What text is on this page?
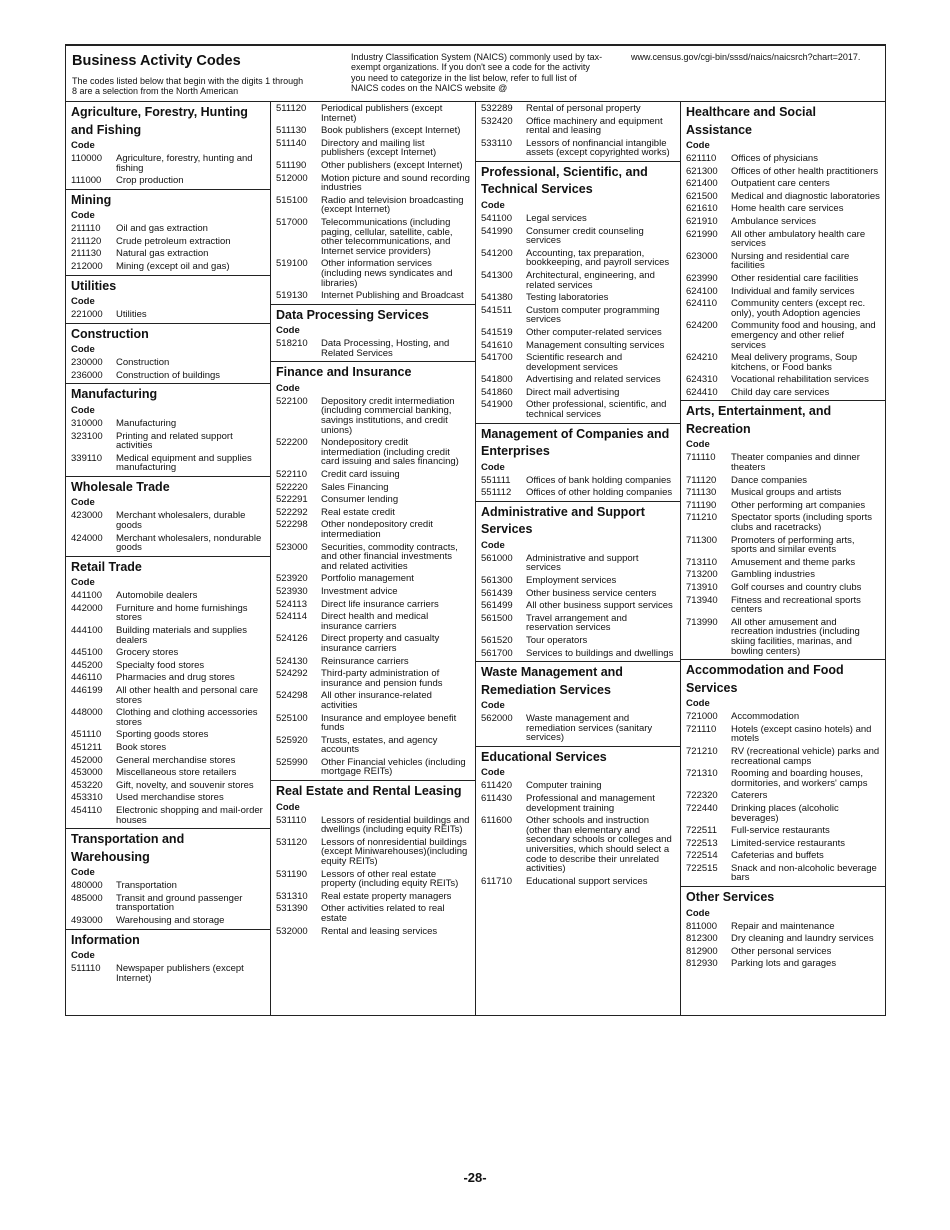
Business Activity Codes
The codes listed below that begin with the digits 1 through 8 are a selection from the North American
Industry Classification System (NAICS) commonly used by tax-exempt organizations. If you don't see a code for the activity you need to categorize in the list below, refer to full list of NAICS codes on the NAICS website @
www.census.gov/cgi-bin/sssd/naics/naicsrch?chart=2017.
Agriculture, Forestry, Hunting and Fishing
Code
110000	Agriculture, forestry, hunting and fishing
111000	Crop production
Mining
Code
211110	Oil and gas extraction
211120	Crude petroleum extraction
211130	Natural gas extraction
212000	Mining (except oil and gas)
Utilities
Code
221000	Utilities
Construction
Code
230000	Construction
236000	Construction of buildings
Manufacturing
Code
310000	Manufacturing
323100	Printing and related support activities
339110	Medical equipment and supplies manufacturing
Wholesale Trade
Code
423000	Merchant wholesalers, durable goods
424000	Merchant wholesalers, nondurable goods
Retail Trade
Code
441100	Automobile dealers
442000	Furniture and home furnishings stores
444100	Building materials and supplies dealers
445100	Grocery stores
445200	Specialty food stores
446110	Pharmacies and drug stores
446199	All other health and personal care stores
448000	Clothing and clothing accessories stores
451110	Sporting goods stores
451211	Book stores
452000	General merchandise stores
453000	Miscellaneous store retailers
453220	Gift, novelty, and souvenir stores
453310	Used merchandise stores
454110	Electronic shopping and mail-order houses
Transportation and Warehousing
Code
480000	Transportation
485000	Transit and ground passenger transportation
493000	Warehousing and storage
Information
Code
511110	Newspaper publishers (except Internet)
511120	Periodical publishers (except Internet)
511130	Book publishers (except Internet)
511140	Directory and mailing list publishers (except Internet)
511190	Other publishers (except Internet)
512000	Motion picture and sound recording industries
515100	Radio and television broadcasting (except Internet)
517000	Telecommunications (including paging, cellular, satellite, cable, other telecommunications, and Internet service providers)
519100	Other information services (including news syndicates and libraries)
519130	Internet Publishing and Broadcast
Data Processing Services
Code
518210	Data Processing, Hosting, and Related Services
Finance and Insurance
Code
522100	Depository credit intermediation (including commercial banking, savings institutions, and credit unions)
522200	Nondepository credit intermediation (including credit card issuing and sales financing)
522110	Credit card issuing
522220	Sales Financing
522291	Consumer lending
522292	Real estate credit
522298	Other nondepository credit intermediation
523000	Securities, commodity contracts, and other financial investments and related activities
523920	Portfolio management
523930	Investment advice
524113	Direct life insurance carriers
524114	Direct health and medical insurance carriers
524126	Direct property and casualty insurance carriers
524130	Reinsurance carriers
524292	Third-party administration of insurance and pension funds
524298	All other insurance-related activities
525100	Insurance and employee benefit funds
525920	Trusts, estates, and agency accounts
525990	Other Financial vehicles (including mortgage REITs)
Real Estate and Rental Leasing
Code
531110	Lessors of residential buildings and dwellings (including equity REITs)
531120	Lessors of nonresidential buildings (except Miniwarehouses)(including equity REITs)
531190	Lessors of other real estate property (including equity REITs)
531310	Real estate property managers
531390	Other activities related to real estate
532000	Rental and leasing services
532289	Rental of personal property
532420	Office machinery and equipment rental and leasing
533110	Lessors of nonfinancial intangible assets (except copyrighted works)
Professional, Scientific, and Technical Services
Code
541100	Legal services
541990	Consumer credit counseling services
541200	Accounting, tax preparation, bookkeeping, and payroll services
541300	Architectural, engineering, and related services
541380	Testing laboratories
541511	Custom computer programming services
541519	Other computer-related services
541610	Management consulting services
541700	Scientific research and development services
541800	Advertising and related services
541860	Direct mail advertising
541900	Other professional, scientific, and technical services
Management of Companies and Enterprises
Code
551111	Offices of bank holding companies
551112	Offices of other holding companies
Administrative and Support Services
Code
561000	Administrative and support services
561300	Employment services
561439	Other business service centers
561499	All other business support services
561500	Travel arrangement and reservation services
561520	Tour operators
561700	Services to buildings and dwellings
Waste Management and Remediation Services
Code
562000	Waste management and remediation services (sanitary services)
Educational Services
Code
611420	Computer training
611430	Professional and management development training
611600	Other schools and instruction (other than elementary and secondary schools or colleges and universities, which should select a code to describe their unrelated activities)
611710	Educational support services
Healthcare and Social Assistance
Code
621110	Offices of physicians
621300	Offices of other health practitioners
621400	Outpatient care centers
621500	Medical and diagnostic laboratories
621610	Home health care services
621910	Ambulance services
621990	All other ambulatory health care services
623000	Nursing and residential care facilities
623990	Other residential care facilities
624100	Individual and family services
624110	Community centers (except rec. only), youth Adoption agencies
624200	Community food and housing, and emergency and other relief services
624210	Meal delivery programs, Soup kitchens, or Food banks
624310	Vocational rehabilitation services
624410	Child day care services
Arts, Entertainment, and Recreation
Code
711110	Theater companies and dinner theaters
711120	Dance companies
711130	Musical groups and artists
711190	Other performing art companies
711210	Spectator sports (including sports clubs and racetracks)
711300	Promoters of performing arts, sports and similar events
713110	Amusement and theme parks
713200	Gambling industries
713910	Golf courses and country clubs
713940	Fitness and recreational sports centers
713990	All other amusement and recreation industries (including skiing facilities, marinas, and bowling centers)
Accommodation and Food Services
Code
721000	Accommodation
721110	Hotels (except casino hotels) and motels
721210	RV (recreational vehicle) parks and recreational camps
721310	Rooming and boarding houses, dormitories, and workers' camps
722320	Caterers
722440	Drinking places (alcoholic beverages)
722511	Full-service restaurants
722513	Limited-service restaurants
722514	Cafeterias and buffets
722515	Snack and non-alcoholic beverage bars
Other Services
Code
811000	Repair and maintenance
812300	Dry cleaning and laundry services
812900	Other personal services
812930	Parking lots and garages
-28-
